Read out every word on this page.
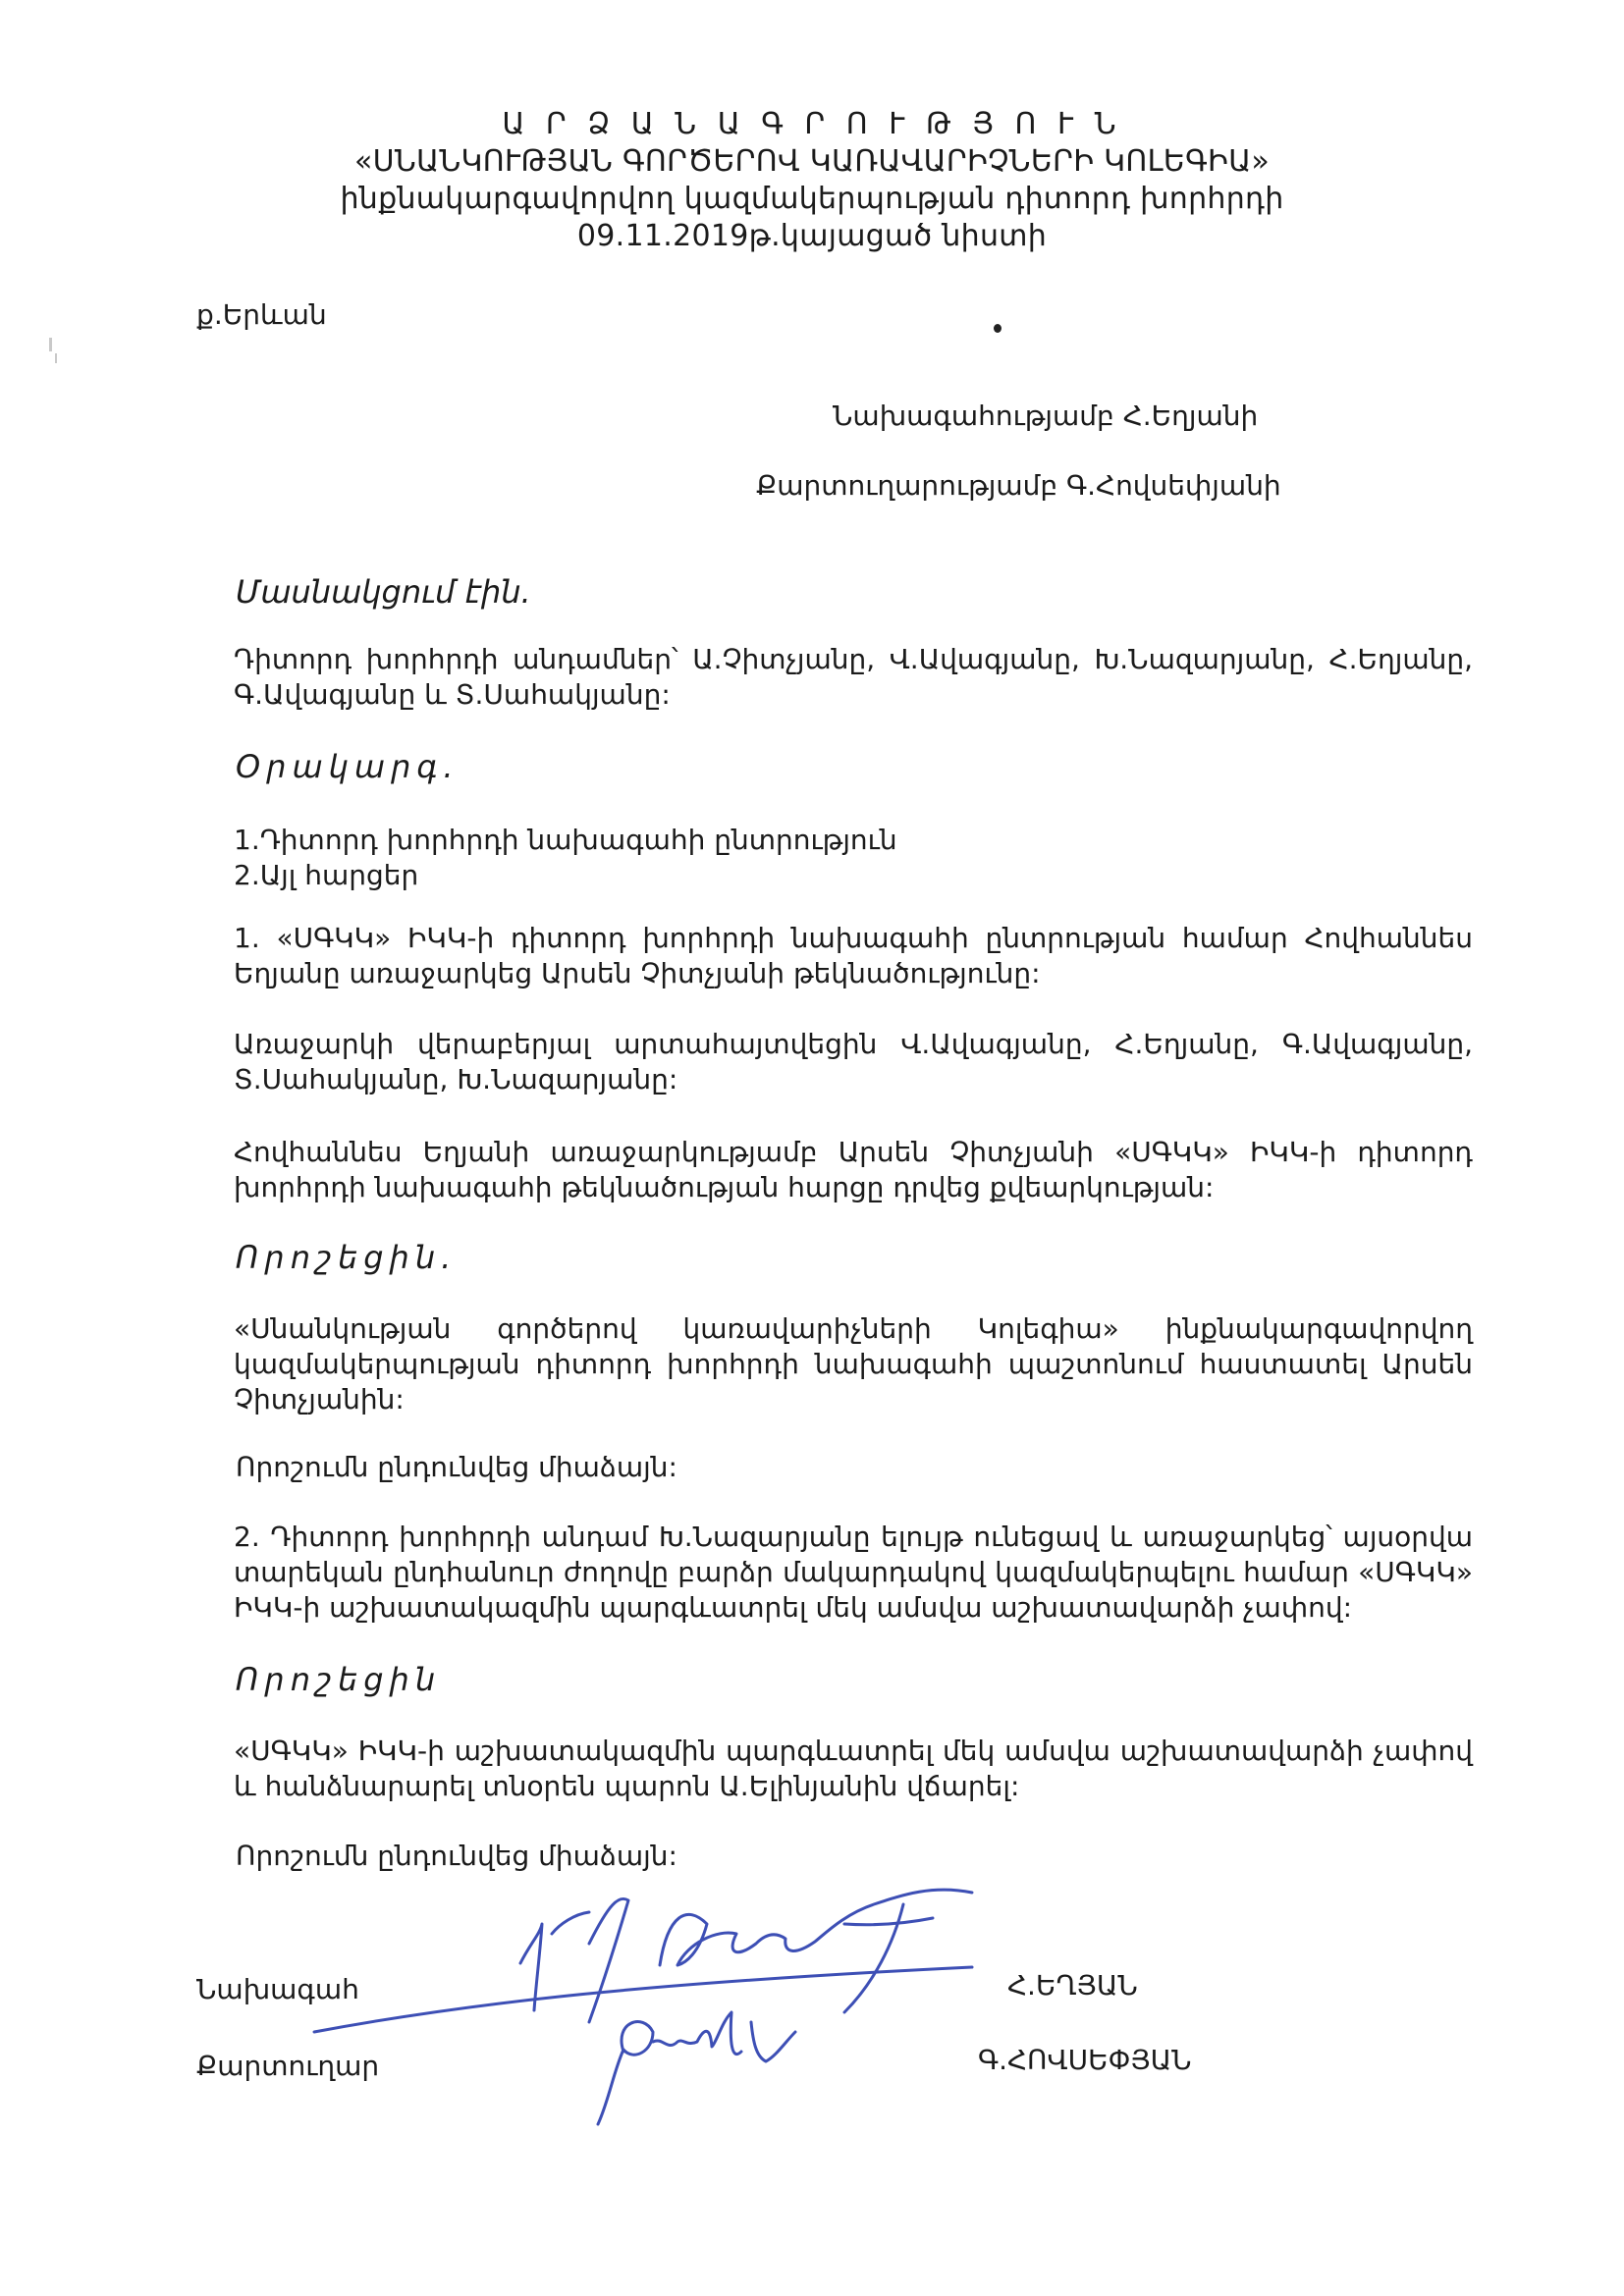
Ա Ր Ձ Ա Ն Ա Գ Ր Ո Ւ Թ Յ Ո Ւ Ն
«ՍՆԱՆԿՈՒԹՅԱՆ ԳՈՐԾԵՐՈՎ ԿԱՌԱՎԱՐԻՉՆԵՐԻ ԿՈԼԵԳԻԱ»
ինքնակարգավորվող կազմակերպության դիտորդ խորհրդի
09.11.2019թ.կայացած նիստի
ք.Երևան
Նախագահությամբ Հ.Եղյանի
Քարտուղարությամբ Գ.Հովսեփյանի
Մասնակցում էին.
Դիտորդ խորհրդի անդամներ՝ Ա.Չիտչյանը, Վ.Ավագյանը, Խ.Նազարյանը, Հ.Եղյանը, Գ.Ավագյանը և Տ.Սահակյանը:
Օրակարգ.
1.Դիտորդ խորհրդի նախագահի ընտրություն
2.Այլ հարցեր
1. «ՍԳԿԿ» ԻԿԿ-ի դիտորդ խորհրդի նախագահի ընտրության համար Հովհաննես Եղյանը առաջարկեց Արսեն Չիտչյանի թեկնածությունը:
Առաջարկի վերաբերյալ արտահայտվեցին Վ.Ավագյանը, Հ.Եղյանը, Գ.Ավագյանը, Տ.Սահակյանը, Խ.Նազարյանը:
Հովհաննես Եղյանի առաջարկությամբ Արսեն Չիտչյանի «ՍԳԿԿ» ԻԿԿ-ի դիտորդ խորհրդի նախագահի թեկնածության հարցը դրվեց քվեարկության:
Որոշեցին.
«Սնանկության գործերով կառավարիչների Կոլեգիա» ինքնակարգավորվող կազմակերպության դիտորդ խորհրդի նախագահի պաշտոնում հաստատել Արսեն Չիտչյանին:
Որոշումն ընդունվեց միաձայն:
2. Դիտորդ խորհրդի անդամ Խ.Նազարյանը ելույթ ունեցավ և առաջարկեց՝ այսօրվա տարեկան ընդհանուր ժողովը բարձր մակարդակով կազմակերպելու համար «ՍԳԿԿ» ԻԿԿ-ի աշխատակազմին պարգևատրել մեկ ամսվա աշխատավարձի չափով:
Որոշեցին
«ՍԳԿԿ» ԻԿԿ-ի աշխատակազմին պարգևատրել մեկ ամսվա աշխատավարձի չափով և հանձնարարել տնօրեն պարոն Ա.Ելինյանին վճարել:
Որոշումն ընդունվեց միաձայն:
Նախագահ	Հ.ԵՂՅԱՆ
Քարտուղար	Գ.ՀՈՎՍԵՓՅԱՆ
